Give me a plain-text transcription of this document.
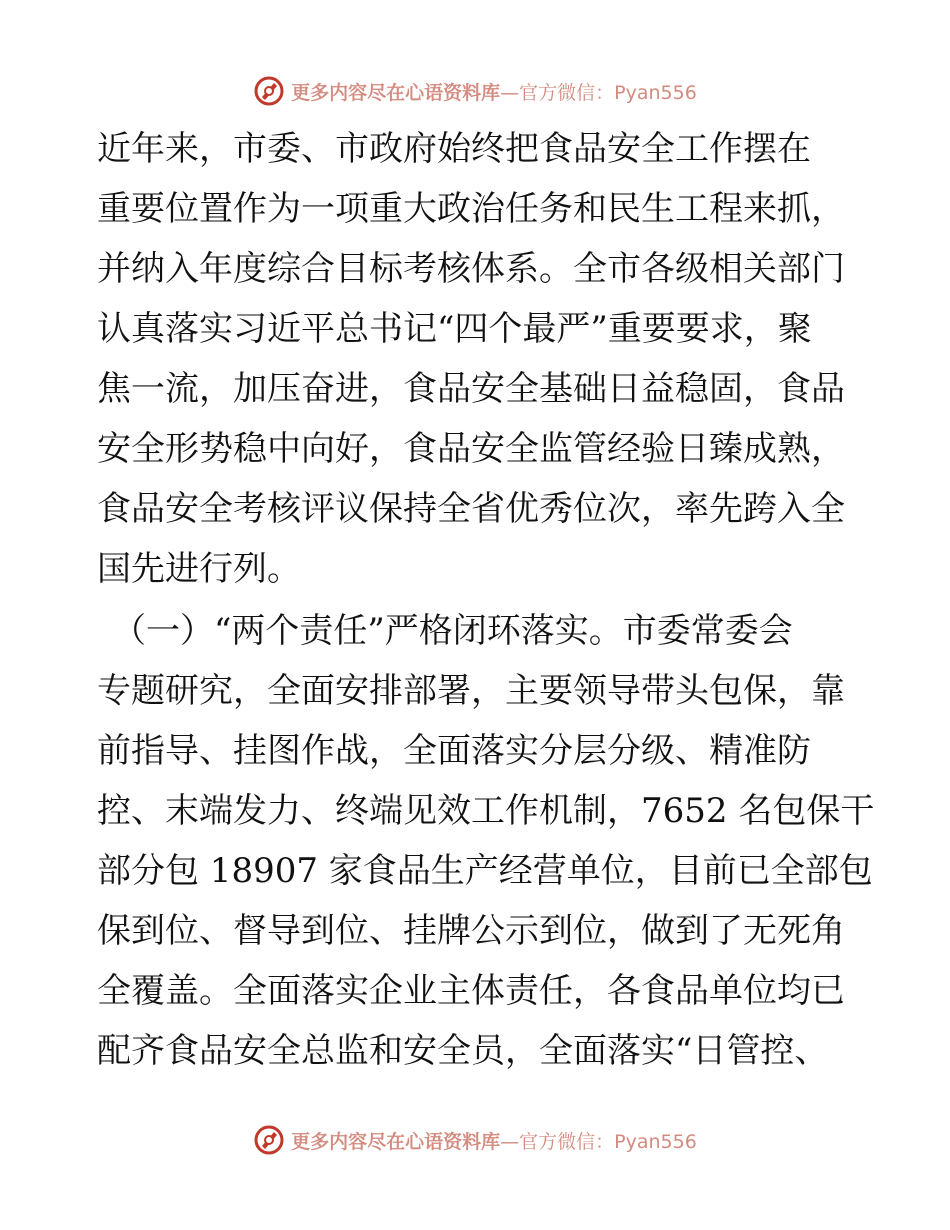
更多内容尽在心语资料库 —官方微信：Pyan556
近年来，市委、市政府始终把食品安全工作摆在
重要位置作为一项重大政治任务和民生工程来抓，
并纳入年度综合目标考核体系。全市各级相关部门
认真落实习近平总书记“四个最严”重要要求，聚
焦一流，加压奋进，食品安全基础日益稳固，食品
安全形势稳中向好，食品安全监管经验日臻成熟，
食品安全考核评议保持全省优秀位次，率先跨入全
国先进行列。
（一）“两个责任”严格闭环落实。市委常委会
专题研究，全面安排部署，主要领导带头包保，靠
前指导、挂图作战，全面落实分层分级、精准防
控、末端发力、终端见效工作机制，7652 名包保干
部分包 18907 家食品生产经营单位，目前已全部包
保到位、督导到位、挂牌公示到位，做到了无死角
全覆盖。全面落实企业主体责任，各食品单位均已
配齐食品安全总监和安全员，全面落实“日管控、
更多内容尽在心语资料库 —官方微信：Pyan556
